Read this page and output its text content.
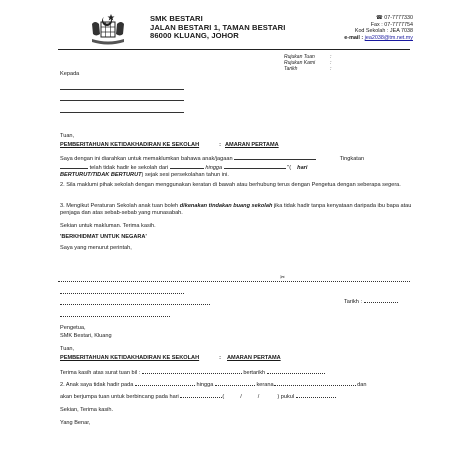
SMK BESTARI
JALAN BESTARI 1, TAMAN BESTARI
86000 KLUANG, JOHOR
☎ 07-7777330
Fax : 07-7777754
Kod Sekolah : JEA 7038
e-mail : jea2038@tm.net.my
Rujukan Tuan	:
Rujukan Kami	:
Tarikh	:
Kepada
Tuan,
PEMBERITAHUAN KETIDAKHADIRAN KE SEKOLAH	: AMARAN PERTAMA
Saya dengan ini diarahkan untuk memaklumkan bahawa anak/jagaan	Tingkatan
telah tidak hadir ke sekolah dari	hingga	"( hari
BERTURUT/TIDAK BERTURUT) sejak sesi persekolahan tahun ini.
2. Sila maklumi pihak sekolah dengan menggunakan keratan di bawah atau berhubung terus dengan Pengetua dengan seberapa segera.
3. Mengikut Peraturan Sekolah anak tuan boleh dikenakan tindakan buang sekolah jika tidak hadir tanpa kenyataan daripada ibu bapa atau penjaga dan atas sebab-sebab yang munasabah.
Sekian untuk makluman. Terima kasih.
'BERKHIDMAT UNTUK NEGARA'
Saya yang menurut perintah,
✂
Tarikh :
Pengetua,
SMK Bestari, Kluang
Tuan,
PEMBERITAHUAN KETIDAKHADIRAN KE SEKOLAH	: AMARAN PERTAMA
Terima kasih atas surat tuan bil :	bertarikh
2. Anak saya tidak hadir pada	hingga	kerana	dan
akan berjumpa tuan untuk berbincang pada hari	(	/	/	) pukul
Sekian, Terima kasih.
Yang Benar,
